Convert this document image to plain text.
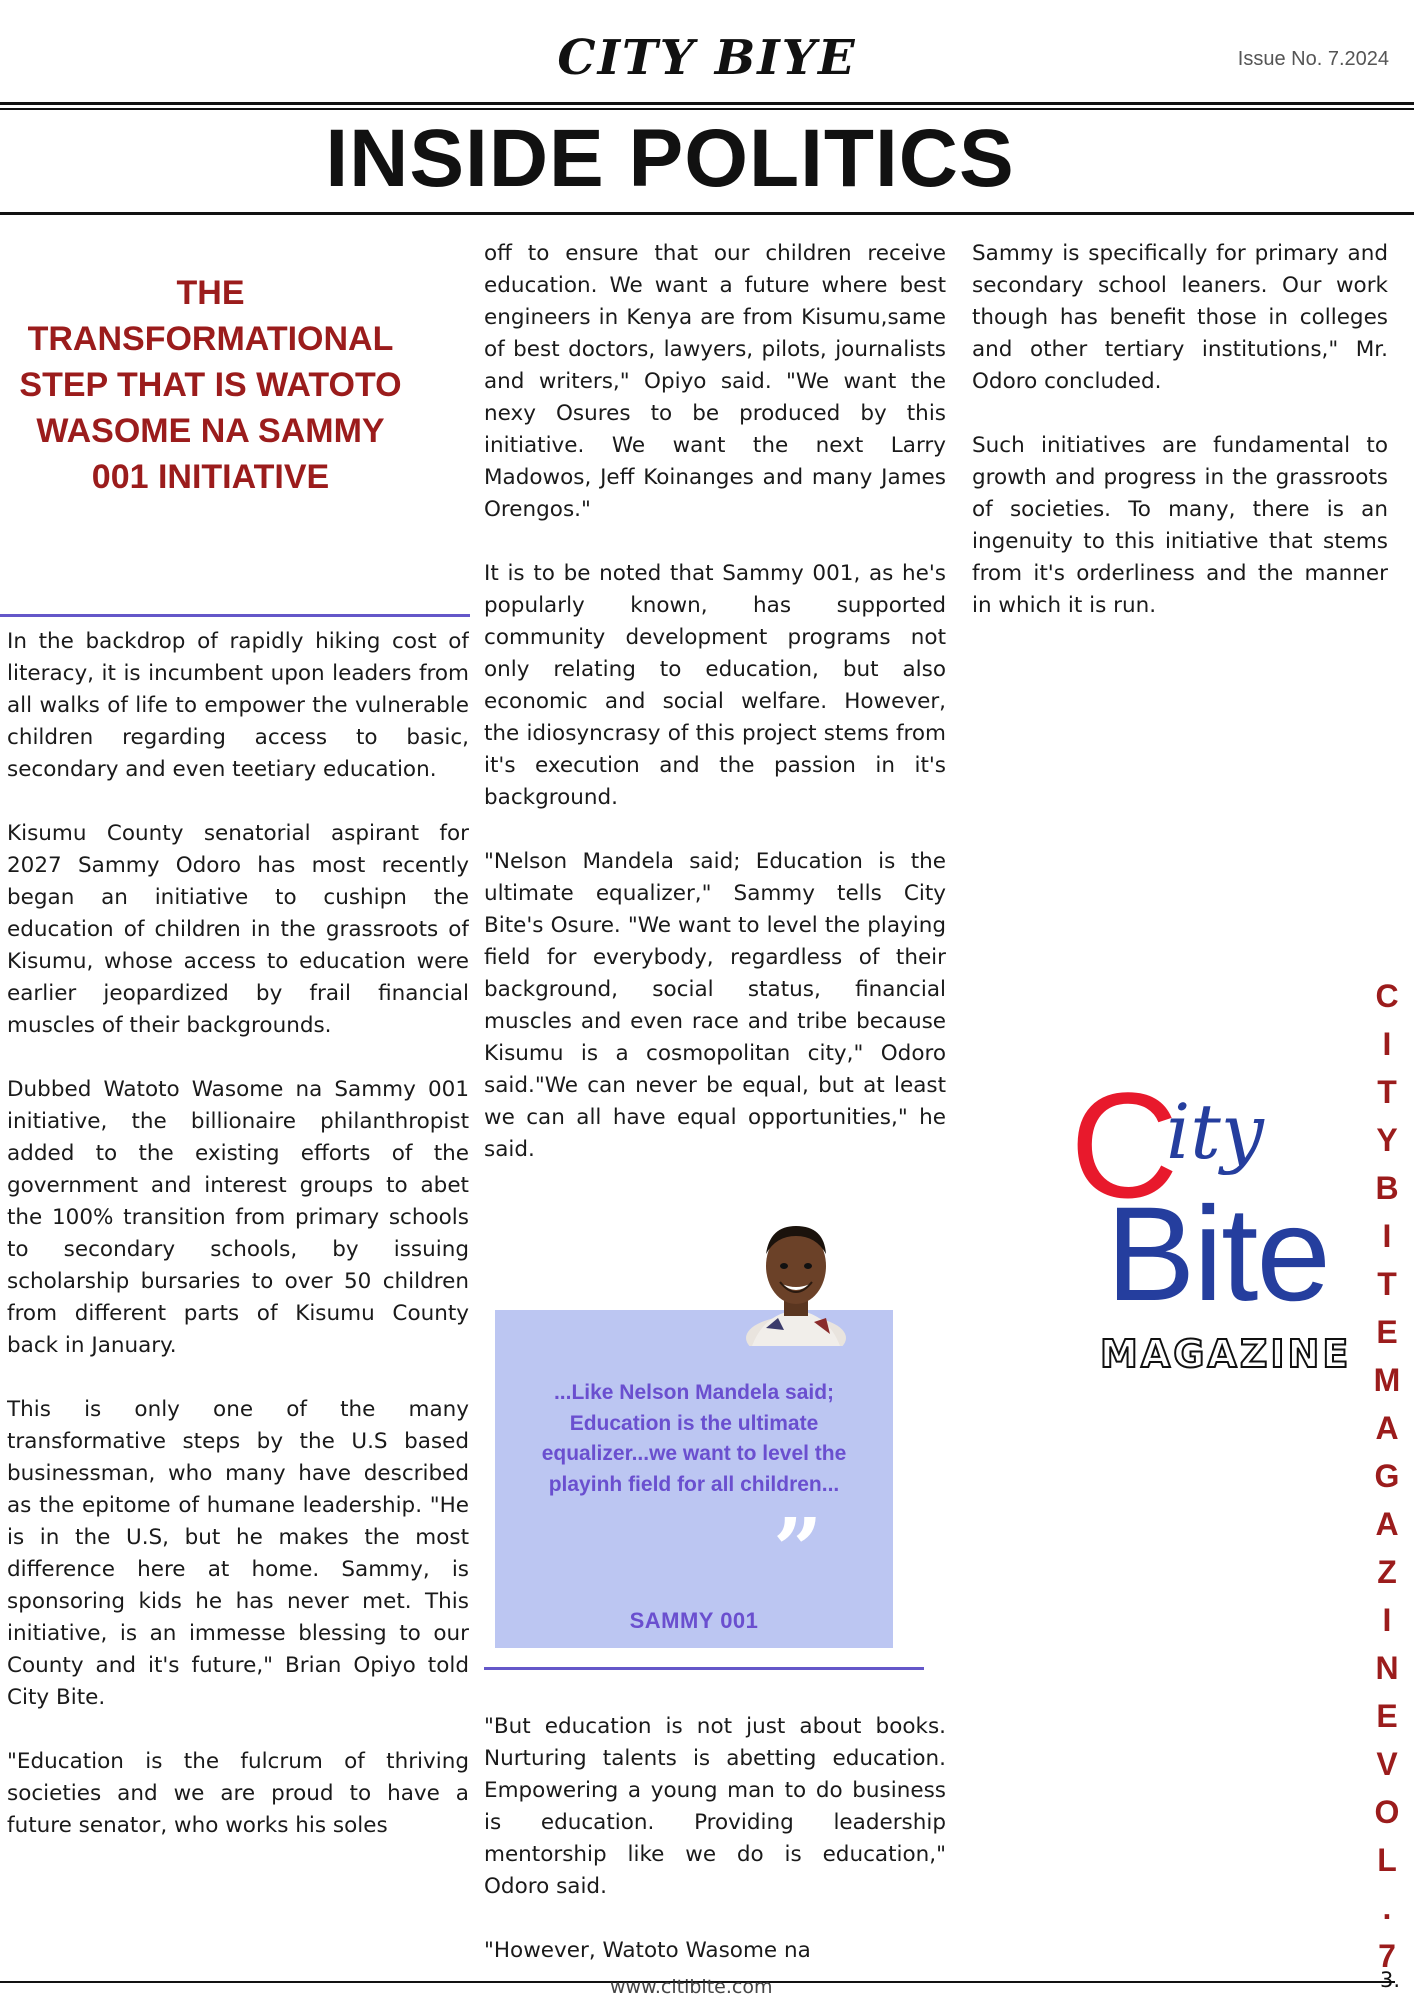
CITY BIYE	Issue No. 7.2024
INSIDE POLITICS
THE TRANSFORMATIONAL STEP THAT IS WATOTO WASOME NA SAMMY 001 INITIATIVE

In the backdrop of rapidly hiking cost of literacy, it is incumbent upon leaders from all walks of life to empower the vulnerable children regarding access to basic, secondary and even teetiary education.

Kisumu County senatorial aspirant for 2027 Sammy Odoro has most recently began an initiative to cushipn the education of children in the grassroots of Kisumu, whose access to education were earlier jeopardized by frail financial muscles of their backgrounds.

Dubbed Watoto Wasome na Sammy 001 initiative, the billionaire philanthropist added to the existing efforts of the government and interest groups to abet the 100% transition from primary schools to secondary schools, by issuing scholarship bursaries to over 50 children from different parts of Kisumu County back in January.

This is only one of the many transformative steps by the U.S based businessman, who many have described as the epitome of humane leadership. "He is in the U.S, but he makes the most difference here at home. Sammy, is sponsoring kids he has never met. This initiative, is an immesse blessing to our County and it's future," Brian Opiyo told City Bite.

"Education is the fulcrum of thriving societies and we are proud to have a future senator, who works his soles

off to ensure that our children receive education. We want a future where best engineers in Kenya are from Kisumu,same of best doctors, lawyers, pilots, journalists and writers," Opiyo said. "We want the nexy Osures to be produced by this initiative. We want the next Larry Madowos, Jeff Koinanges and many James Orengos."

It is to be noted that Sammy 001, as he's popularly known, has supported community development programs not only relating to education, but also economic and social welfare. However, the idiosyncrasy of this project stems from it's execution and the passion in it's background.

"Nelson Mandela said; Education is the ultimate equalizer," Sammy tells City Bite's Osure. "We want to level the playing field for everybody, regardless of their background, social status, financial muscles and even race and tribe because Kisumu is a cosmopolitan city," Odoro said."We can never be equal, but at least we can all have equal opportunities," he said.

...Like Nelson Mandela said; Education is the ultimate equalizer...we want to level the playinh field for all children...
”
SAMMY 001

"But education is not just about books. Nurturing talents is abetting education. Empowering a young man to do business is education. Providing leadership mentorship like we do is education," Odoro said.

"However, Watoto Wasome na

Sammy is specifically for primary and secondary school leaners. Our work though has benefit those in colleges and other tertiary institutions," Mr. Odoro concluded.

Such initiatives are fundamental to growth and progress in the grassroots of societies. To many, there is an ingenuity to this initiative that stems from it's orderliness and the manner in which it is run.

C
ity
Bite
MAGAZINE
C
I
T
Y
B
I
T
E
M
A
G
A
Z
I
N
E
V
O
L
.
7
www.citibite.com	3.
